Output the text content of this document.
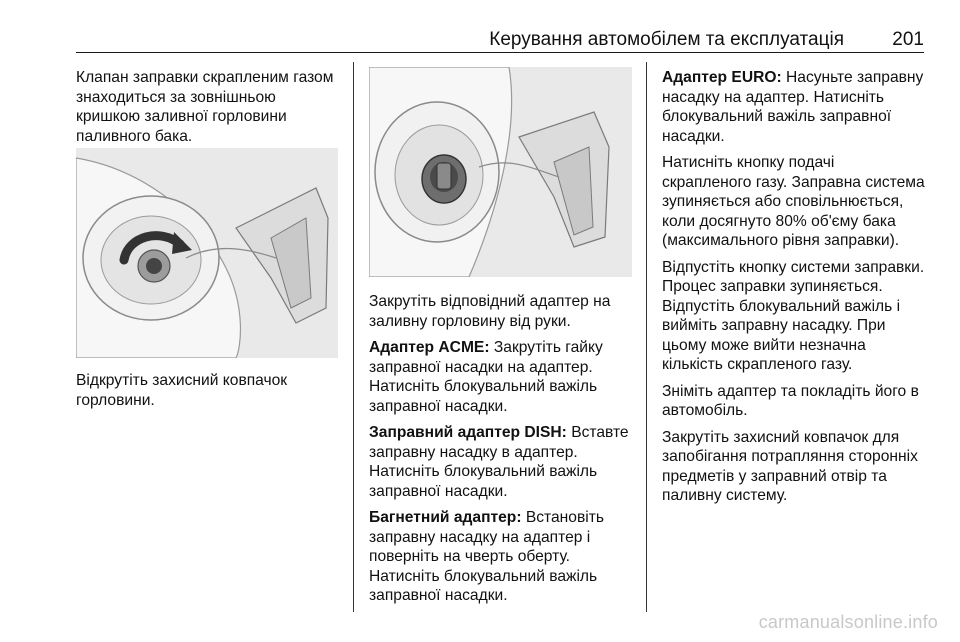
Керування автомобілем та експлуатація	201

Клапан заправки скрапленим газом знаходиться за зовнішньою кришкою заливної горловини паливного бака.

Відкрутіть захисний ковпачок горловини.

Закрутіть відповідний адаптер на заливну горловину від руки.

Адаптер ACME: Закрутіть гайку заправної насадки на адаптер. Натисніть блокувальний важіль заправної насадки.

Заправний адаптер DISH: Вставте заправну насадку в адаптер. Натисніть блокувальний важіль заправної насадки.

Багнетний адаптер: Встановіть заправну насадку на адаптер і поверніть на чверть оберту. Натисніть блокувальний важіль заправної насадки.

Адаптер EURO: Насуньте заправну насадку на адаптер. Натисніть блокувальний важіль заправної насадки.

Натисніть кнопку подачі скрапленого газу. Заправна система зупиняється або сповільнюється, коли досягнуто 80% об'єму бака (максимального рівня заправки).

Відпустіть кнопку системи заправки. Процес заправки зупиняється. Відпустіть блокувальний важіль і вийміть заправну насадку. При цьому може вийти незначна кількість скрапленого газу.

Зніміть адаптер та покладіть його в автомобіль.

Закрутіть захисний ковпачок для запобігання потрапляння сторонніх предметів у заправний отвір та паливну систему.

carmanualsonline.info
